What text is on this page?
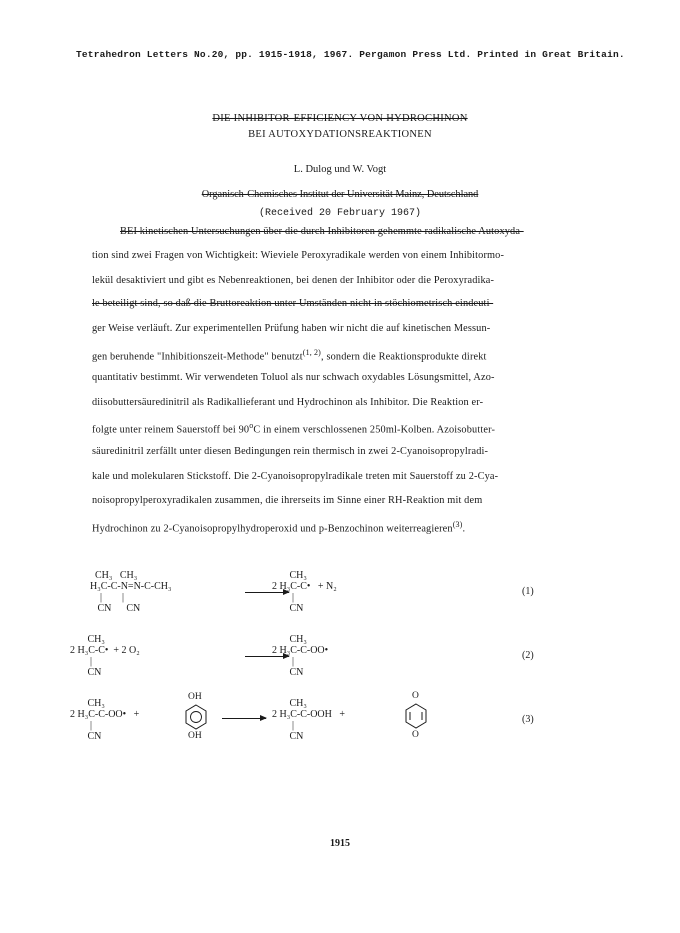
Tetrahedron Letters No.20, pp. 1915-1918, 1967. Pergamon Press Ltd. Printed in Great Britain.
DIE INHIBITOR-EFFICIENCY VON HYDROCHINON
BEI AUTOXYDATIONSREAKTIONEN
L. Dulog und W. Vogt
Organisch-Chemisches Institut der Universität Mainz, Deutschland
(Received 20 February 1967)
BEI kinetischen Untersuchungen über die durch Inhibitoren gehemmte radikalische Autoxyda-
tion sind zwei Fragen von Wichtigkeit: Wieviele Peroxyradikale werden von einem Inhibitormo-
lekül desaktiviert und gibt es Nebenreaktionen, bei denen der Inhibitor oder die Peroxyradika-
le beteiligt sind, so daß die Bruttoreaktion unter Umständen nicht in stöchiometrisch eindeuti-
ger Weise verläuft. Zur experimentellen Prüfung haben wir nicht die auf kinetischen Messun-
gen beruhende "Inhibitionszeit-Methode" benutzt$^{(1, 2)}$, sondern die Reaktionsprodukte direkt
quantitativ bestimmt. Wir verwendeten Toluol als nur schwach oxydables Lösungsmittel, Azo-
diisobuttersäuredinitril als Radikallieferant und Hydrochinon als Inhibitor. Die Reaktion er-
folgte unter reinem Sauerstoff bei 90$^o$C in einem verschlossenen 250ml-Kolben. Azoisobutter-
säuredinitril zerfällt unter diesen Bedingungen rein thermisch in zwei 2-Cyanoisopropylradi-
kale und molekularen Stickstoff. Die 2-Cyanoisopropylradikale treten mit Sauerstoff zu 2-Cya-
noisopropylperoxyradikalen zusammen, die ihrerseits im Sinne einer RH-Reaktion mit dem
Hydrochinon zu 2-Cyanoisopropylhydroperoxid und p-Benzochinon weiterreagieren$^{(3)}$.
CH₃   CH₃
H₃C-C-N=N-C-CH₃
|        |
CN      CN
CH₃
2 H₃C-C•   + N₂
|
CN
(1)
CH₃
2 H₃C-C•  + 2 O₂
|
CN
CH₃
2 H₃C-C-OO•
|
CN
(2)
CH₃
2 H₃C-C-OO•   +
|
CN
OH
OH
CH₃
2 H₃C-C-OOH   +
|
CN
O
O
(3)
1915
